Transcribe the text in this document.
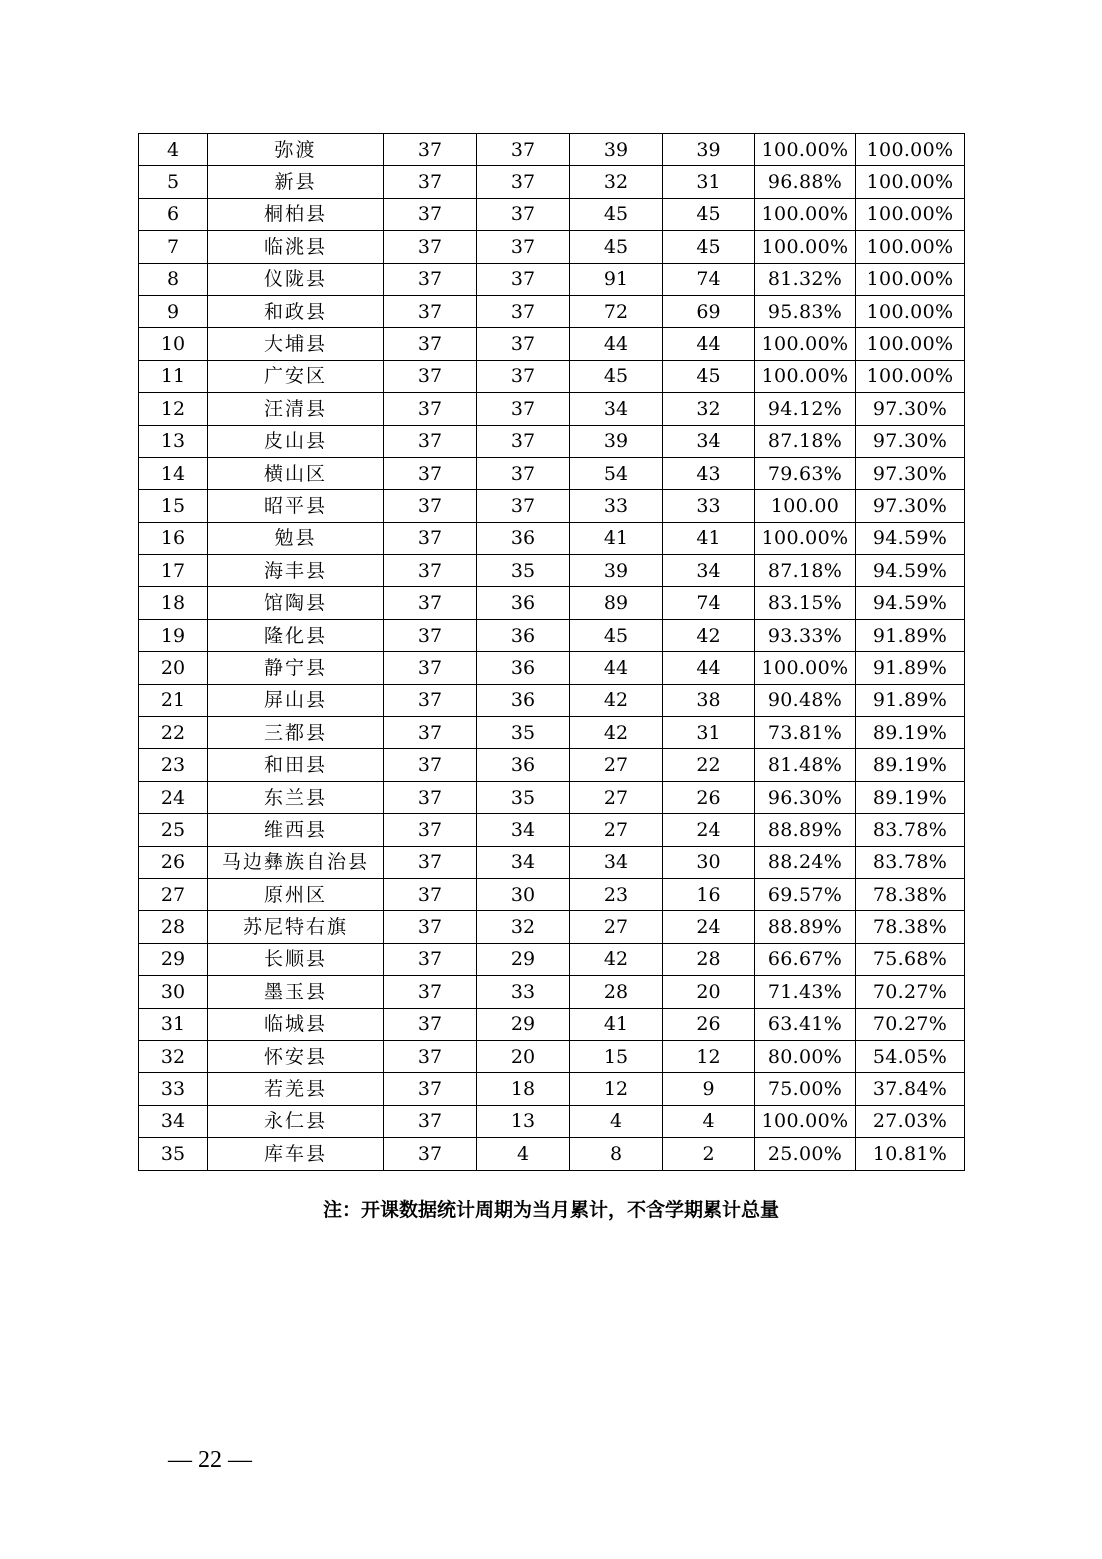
4	弥渡	37	37	39	39	100.00%	100.00%
5	新县	37	37	32	31	96.88%	100.00%
6	桐柏县	37	37	45	45	100.00%	100.00%
7	临洮县	37	37	45	45	100.00%	100.00%
8	仪陇县	37	37	91	74	81.32%	100.00%
9	和政县	37	37	72	69	95.83%	100.00%
10	大埔县	37	37	44	44	100.00%	100.00%
11	广安区	37	37	45	45	100.00%	100.00%
12	汪清县	37	37	34	32	94.12%	97.30%
13	皮山县	37	37	39	34	87.18%	97.30%
14	横山区	37	37	54	43	79.63%	97.30%
15	昭平县	37	37	33	33	100.00	97.30%
16	勉县	37	36	41	41	100.00%	94.59%
17	海丰县	37	35	39	34	87.18%	94.59%
18	馆陶县	37	36	89	74	83.15%	94.59%
19	隆化县	37	36	45	42	93.33%	91.89%
20	静宁县	37	36	44	44	100.00%	91.89%
21	屏山县	37	36	42	38	90.48%	91.89%
22	三都县	37	35	42	31	73.81%	89.19%
23	和田县	37	36	27	22	81.48%	89.19%
24	东兰县	37	35	27	26	96.30%	89.19%
25	维西县	37	34	27	24	88.89%	83.78%
26	马边彝族自治县	37	34	34	30	88.24%	83.78%
27	原州区	37	30	23	16	69.57%	78.38%
28	苏尼特右旗	37	32	27	24	88.89%	78.38%
29	长顺县	37	29	42	28	66.67%	75.68%
30	墨玉县	37	33	28	20	71.43%	70.27%
31	临城县	37	29	41	26	63.41%	70.27%
32	怀安县	37	20	15	12	80.00%	54.05%
33	若羌县	37	18	12	9	75.00%	37.84%
34	永仁县	37	13	4	4	100.00%	27.03%
35	库车县	37	4	8	2	25.00%	10.81%
注：开课数据统计周期为当月累计，不含学期累计总量
— 22 —
